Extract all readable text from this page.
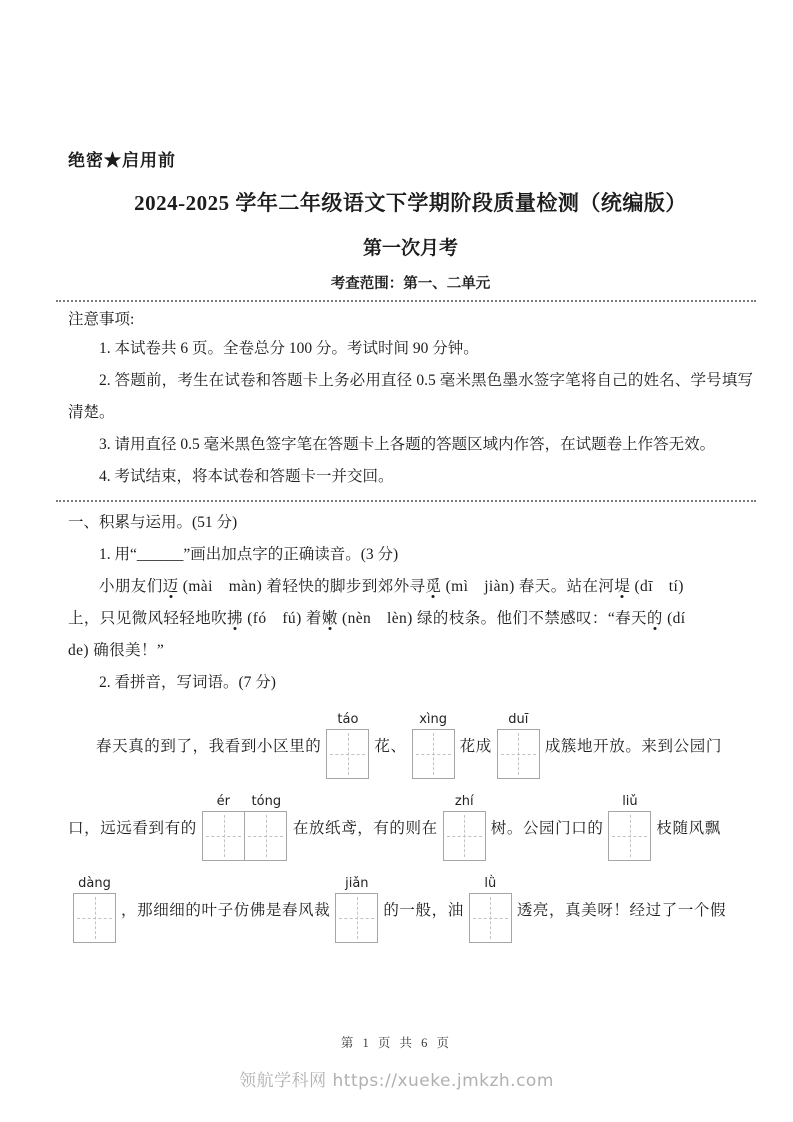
绝密★启用前
2024-2025 学年二年级语文下学期阶段质量检测（统编版）
第一次月考
考查范围：第一、二单元
注意事项:

1. 本试卷共 6 页。全卷总分 100 分。考试时间 90 分钟。

2. 答题前，考生在试卷和答题卡上务必用直径 0.5 毫米黑色墨水签字笔将自己的姓名、学号填写清楚。

3. 请用直径 0.5 毫米黑色签字笔在答题卡上各题的答题区域内作答，在试题卷上作答无效。

4. 考试结束，将本试卷和答题卡一并交回。

一、积累与运用。(51 分)

1. 用“______”画出加点字的正确读音。(3 分)

小朋友们迈 (mài　màn) 着轻快的脚步到郊外寻觅 (mì　jiàn) 春天。站在河堤 (dī　tí)
上，只见微风轻轻地吹拂 (fó　fú) 着嫩 (nèn　lèn) 绿的枝条。他们不禁感叹：“春天的 (dí
de) 确很美！”

2. 看拼音，写词语。(7 分)

春天真的到了，我看到小区里的
táo
花、
xìng
花成
duī
成簇地开放。来到公园门
口，远远看到有的
ér	tóng
在放纸鸢，有的则在
zhí
树。公园门口的
liǔ
枝随风飘
dàng
，那细细的叶子仿佛是春风裁
jiǎn
的一般，油
lǜ
透亮，真美呀！经过了一个假
第 1 页 共 6 页
领航学科网 https://xueke.jmkzh.com
